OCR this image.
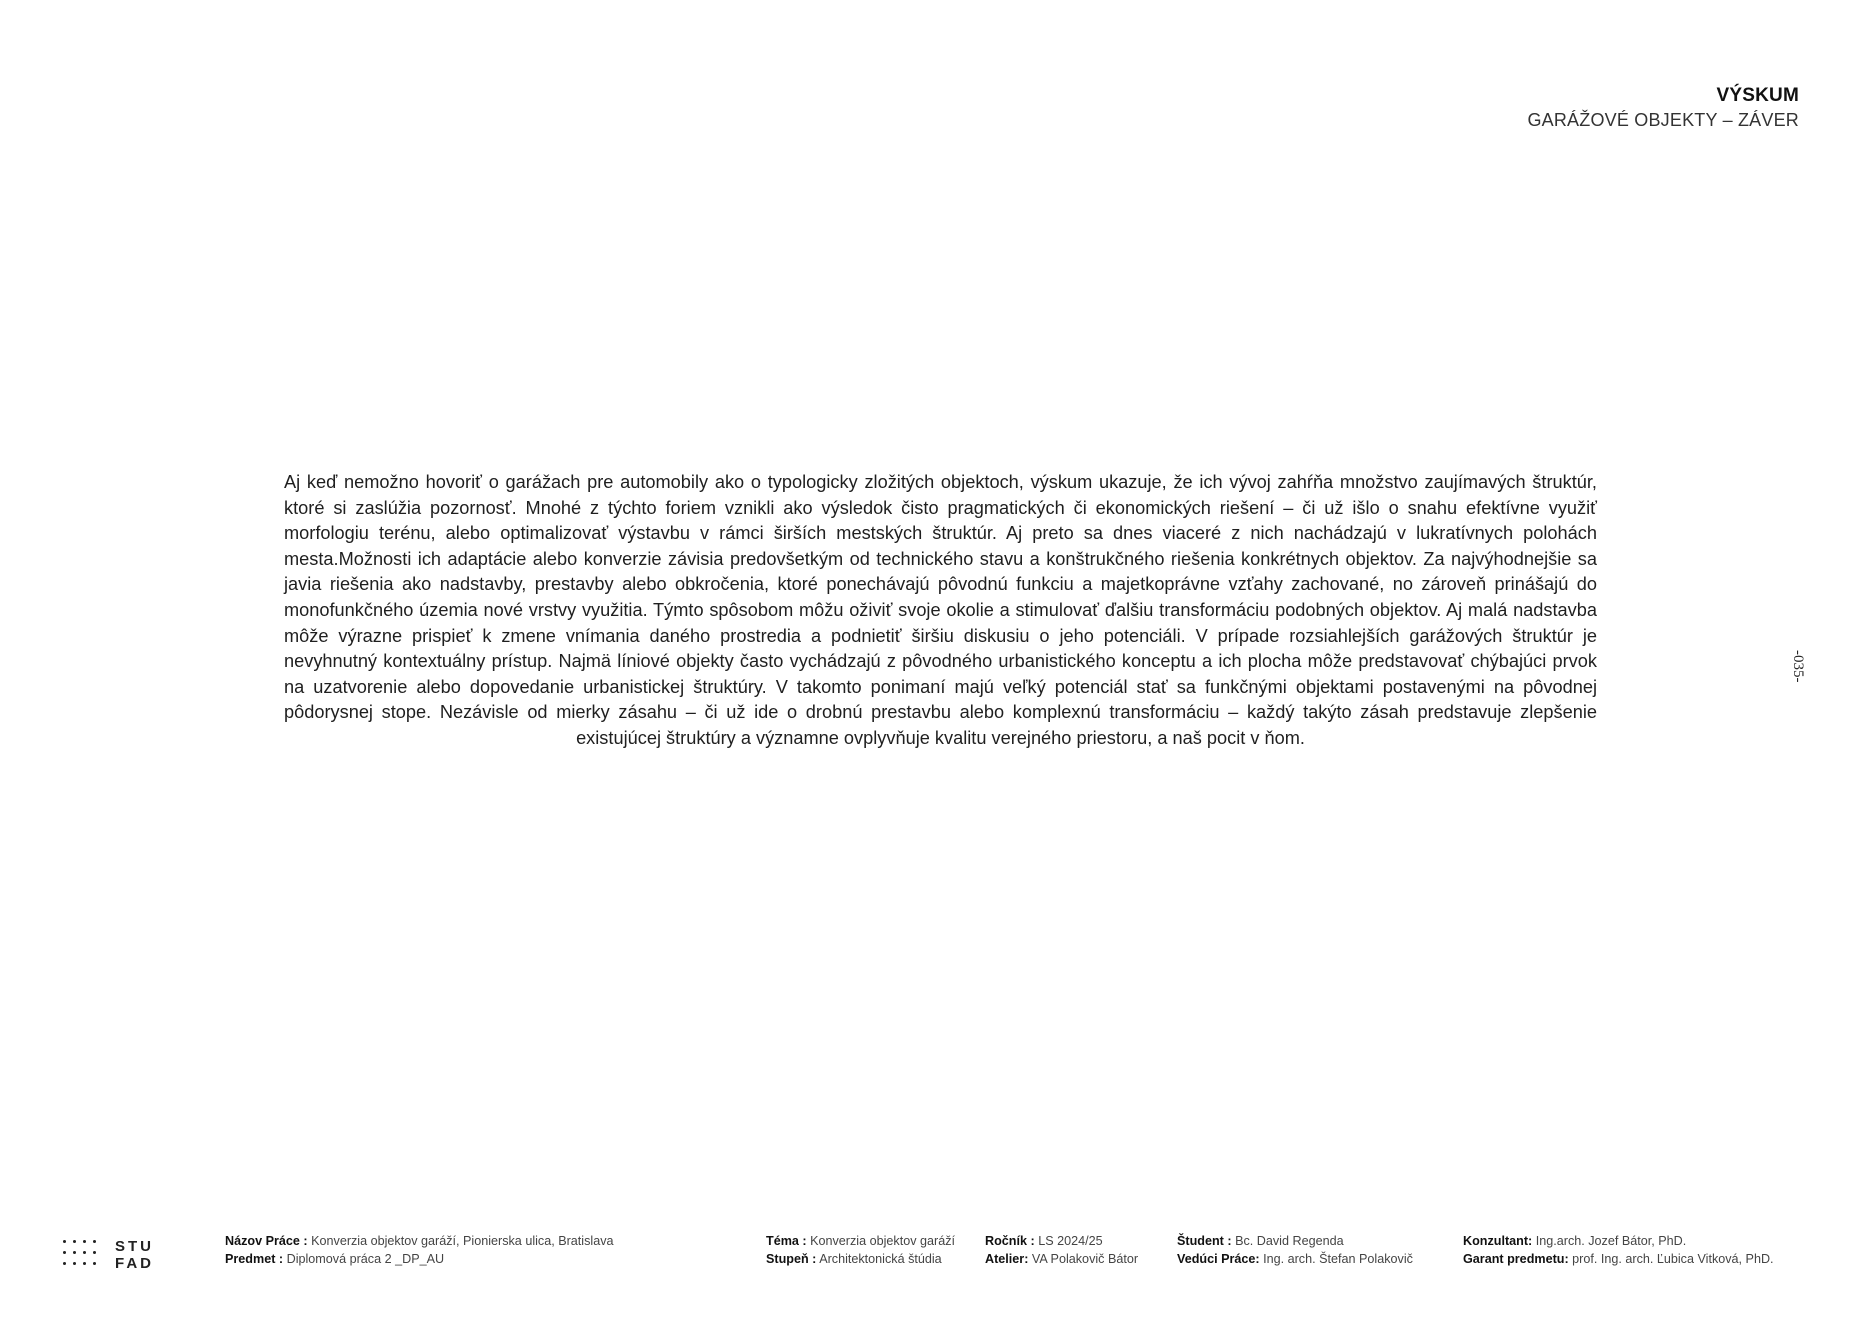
VÝSKUM
GARÁŽOVÉ OBJEKTY – ZÁVER
-035-

Aj keď nemožno hovoriť o garážach pre automobily ako o typologicky zložitých objektoch, výskum ukazuje, že ich vývoj zahŕňa množstvo zaujímavých štruktúr, ktoré si zaslúžia pozornosť. Mnohé z týchto foriem vznikli ako výsledok čisto pragmatických či ekonomických riešení – či už išlo o snahu efektívne využiť morfologiu terénu, alebo optimalizovať výstavbu v rámci širších mestských štruktúr. Aj preto sa dnes viaceré z nich nachádzajú v lukratívnych polohách mesta.Možnosti ich adaptácie alebo konverzie závisia predovšetkým od technického stavu a konštrukčného riešenia konkrétnych objektov. Za najvýhodnejšie sa javia riešenia ako nadstavby, prestavby alebo obkročenia, ktoré ponechávajú pôvodnú funkciu a majetkoprávne vzťahy zachované, no zároveň prinášajú do monofunkčného územia nové vrstvy využitia. Týmto spôsobom môžu oživiť svoje okolie a stimulovať ďalšiu transformáciu podobných objektov. Aj malá nadstavba môže výrazne prispieť k zmene vnímania daného prostredia a podnietiť širšiu diskusiu o jeho potenciáli. V prípade rozsiahlejších garážových štruktúr je nevyhnutný kontextuálny prístup. Najmä líniové objekty často vychádzajú z pôvodného urbanistického konceptu a ich plocha môže predstavovať chýbajúci prvok na uzatvorenie alebo dopovedanie urbanistickej štruktúry. V takomto ponimaní majú veľký potenciál stať sa funkčnými objektami postavenými na pôvodnej pôdorysnej stope. Nezávisle od mierky zásahu – či už ide o drobnú prestavbu alebo komplexnú transformáciu – každý takýto zásah predstavuje zlepšenie existujúcej štruktúry a významne ovplyvňuje kvalitu verejného priestoru, a naš pocit v ňom.

STU
FAD
Názov Práce : Konverzia objektov garáží, Pionierska ulica, Bratislava
Predmet : Diplomová práca 2 _DP_AU
Téma : Konverzia objektov garáží
Stupeň : Architektonická štúdia
Ročník : LS 2024/25
Atelier: VA Polakovič Bátor
Študent : Bc. David Regenda
Vedúci Práce: Ing. arch. Štefan Polakovič
Konzultant: Ing.arch. Jozef Bátor, PhD.
Garant predmetu: prof. Ing. arch. Ľubica Vitková, PhD.
